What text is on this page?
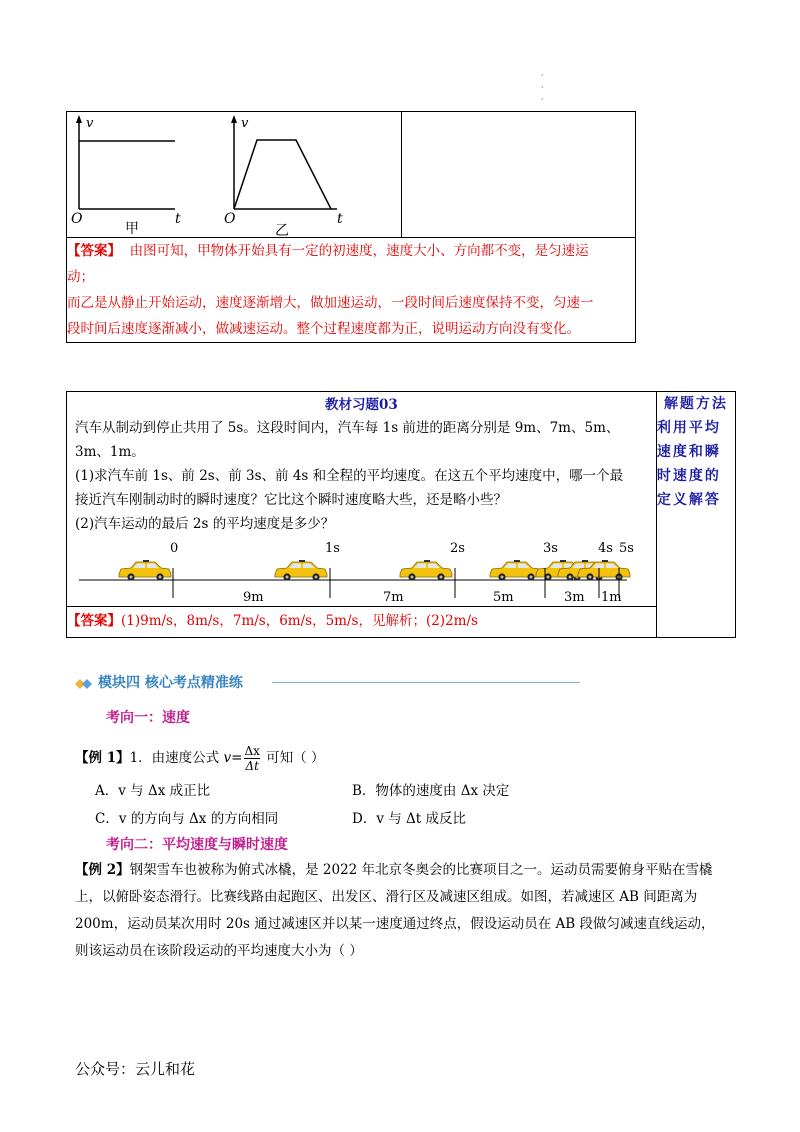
·
·
·
v
O	t
甲
v
O	t
乙

【答案】 由图可知，甲物体开始具有一定的初速度，速度大小、方向都不变，是匀速运
动；
而乙是从静止开始运动，速度逐渐增大，做加速运动，一段时间后速度保持不变，匀速一
段时间后速度逐渐减小，做减速运动。整个过程速度都为正，说明运动方向没有变化。
教材习题03

汽车从制动到停止共用了 5s。这段时间内，汽车每 1s 前进的距离分别是 9m、7m、5m、

3m、1m。

(1)求汽车前 1s、前 2s、前 3s、前 4s 和全程的平均速度。在这五个平均速度中，哪一个最

接近汽车刚制动时的瞬时速度？它比这个瞬时速度略大些，还是略小些？

(2)汽车运动的最后 2s 的平均速度是多少？

0	1s	2s	3s	4s 5s
9m	7m	5m	3m 1m

解题方法
利用平均速度和瞬时速度的定义解答

【答案】(1)9m/s，8m/s，7m/s，6m/s，5m/s，见解析；(2)2m/s
模块四 核心考点精准练
考向一：速度
【例 1】1．由速度公式 $v= \frac{\Delta x}{\Delta t}$ 可知（ ）
A．v 与 Δx 成正比	B．物体的速度由 Δx 决定
C．v 的方向与 Δx 的方向相同	D．v 与 Δt 成反比
考向二：平均速度与瞬时速度
【例 2】钢架雪车也被称为俯式冰橇，是 2022 年北京冬奥会的比赛项目之一。运动员需要俯身平贴在雪橇
上，以俯卧姿态滑行。比赛线路由起跑区、出发区、滑行区及减速区组成。如图，若减速区 AB 间距离为
200m，运动员某次用时 20s 通过减速区并以某一速度通过终点，假设运动员在 AB 段做匀减速直线运动，
则该运动员在该阶段运动的平均速度大小为（ ）
公众号：云儿和花
